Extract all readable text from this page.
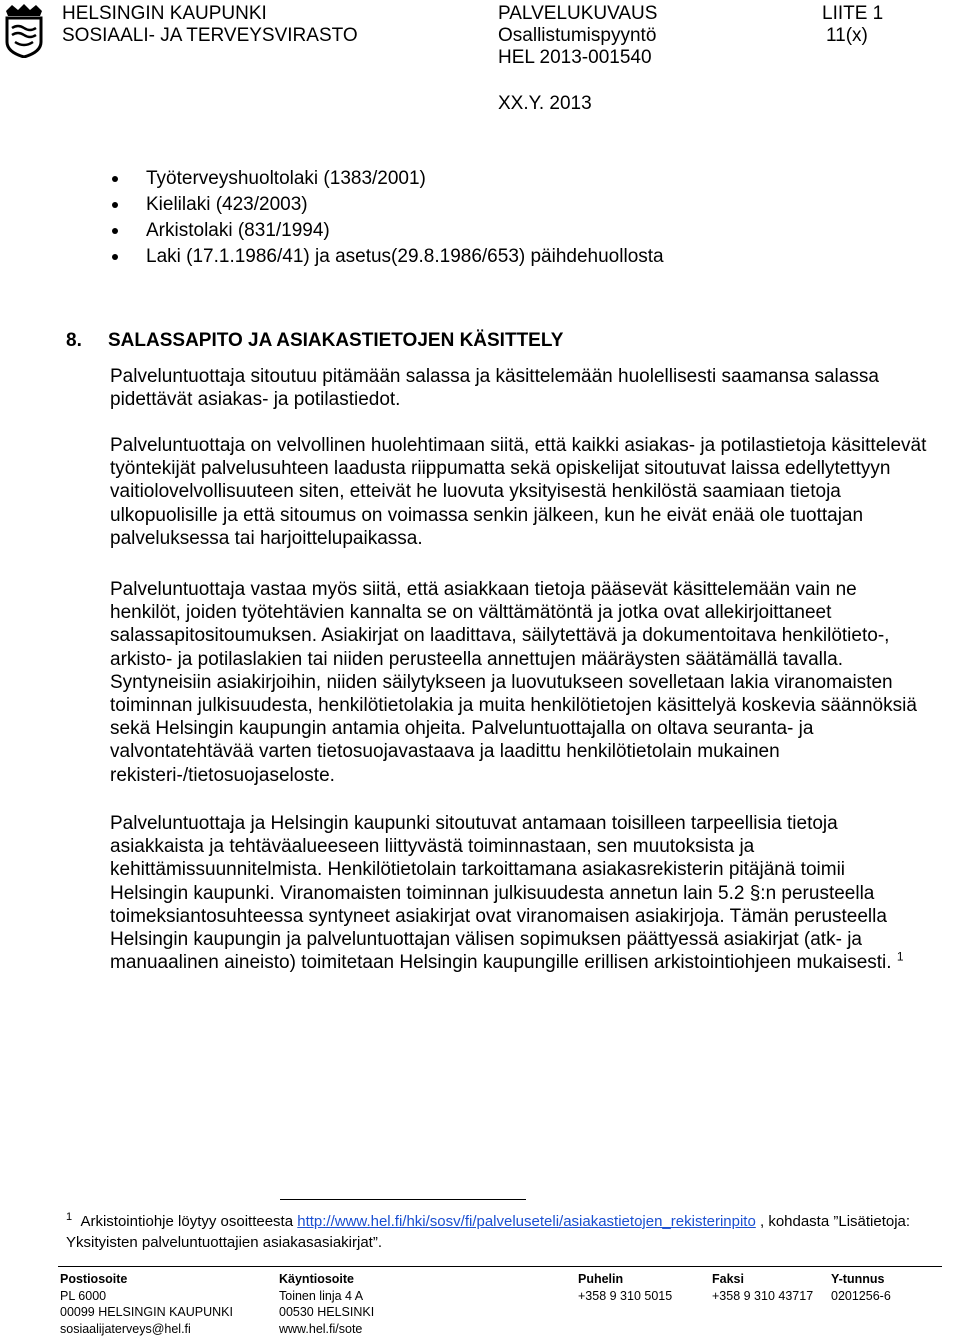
HELSINGIN KAUPUNKI
SOSIAALI- JA TERVEYSVIRASTO
PALVELUKUVAUS
Osallistumispyyntö
HEL 2013-001540
XX.Y. 2013
LIITE 1
11(x)
Työterveyshuoltolaki (1383/2001)
Kielilaki (423/2003)
Arkistolaki (831/1994)
Laki (17.1.1986/41) ja asetus(29.8.1986/653) päihdehuollosta
8. SALASSAPITO JA ASIAKASTIETOJEN KÄSITTELY

Palveluntuottaja sitoutuu pitämään salassa ja käsittelemään huolellisesti saamansa salassa pidettävät asiakas- ja potilastiedot.

Palveluntuottaja on velvollinen huolehtimaan siitä, että kaikki asiakas- ja potilastietoja käsittelevät työntekijät palvelusuhteen laadusta riippumatta sekä opiskelijat sitoutuvat laissa edellytettyyn vaitiolovelvollisuuteen siten, etteivät he luovuta yksityisestä henkilöstä saamiaan tietoja ulkopuolisille ja että sitoumus on voimassa senkin jälkeen, kun he eivät enää ole tuottajan palveluksessa tai harjoittelupaikassa.

Palveluntuottaja vastaa myös siitä, että asiakkaan tietoja pääsevät käsittelemään vain ne henkilöt, joiden työtehtävien kannalta se on välttämätöntä ja jotka ovat allekirjoittaneet salassapitositoumuksen. Asiakirjat on laadittava, säilytettävä ja dokumentoitava henkilötieto-, arkisto- ja potilaslakien tai niiden perusteella annettujen määräysten säätämällä tavalla. Syntyneisiin asiakirjoihin, niiden säilytykseen ja luovutukseen sovelletaan lakia viranomaisten toiminnan julkisuudesta, henkilötietolakia ja muita henkilötietojen käsittelyä koskevia säännöksiä sekä Helsingin kaupungin antamia ohjeita. Palveluntuottajalla on oltava seuranta- ja valvontatehtävää varten tietosuojavastaava ja laadittu henkilötietolain mukainen rekisteri-/tietosuojaseloste.

Palveluntuottaja ja Helsingin kaupunki sitoutuvat antamaan toisilleen tarpeellisia tietoja asiakkaista ja tehtäväalueeseen liittyvästä toiminnastaan, sen muutoksista ja kehittämissuunnitelmista. Henkilötietolain tarkoittamana asiakasrekisterin pitäjänä toimii Helsingin kaupunki. Viranomaisten toiminnan julkisuudesta annetun lain 5.2 §:n perusteella toimeksiantosuhteessa syntyneet asiakirjat ovat viranomaisen asiakirjoja. Tämän perusteella Helsingin kaupungin ja palveluntuottajan välisen sopimuksen päättyessä asiakirjat (atk- ja manuaalinen aineisto) toimitetaan Helsingin kaupungille erillisen arkistointiohjeen mukaisesti. $^1$

$^1$ Arkistointiohje löytyy osoitteesta http://www.hel.fi/hki/sosv/fi/palveluseteli/asiakastietojen_rekisterinpito , kohdasta ”Lisätietoja: Yksityisten palveluntuottajien asiakasasiakirjat”.

Postiosoite
PL 6000
00099 HELSINGIN KAUPUNKI
sosiaalijaterveys@hel.fi
Käyntiosoite
Toinen linja 4 A
00530 HELSINKI
www.hel.fi/sote
Puhelin
+358 9 310 5015
Faksi
+358 9 310 43717
Y-tunnus
0201256-6
